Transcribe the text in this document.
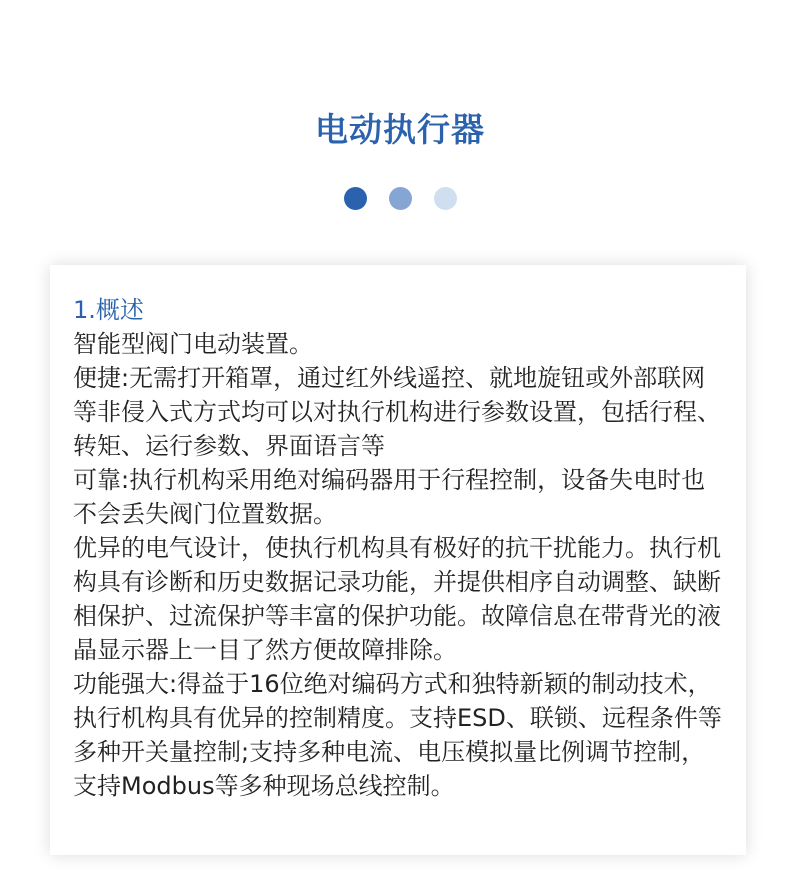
电动执行器

1.概述

智能型阀门电动装置。

便捷:无需打开箱罩，通过红外线遥控、就地旋钮或外部联网等非侵入式方式均可以对执行机构进行参数设置，包括行程、转矩、运行参数、界面语言等

可靠:执行机构采用绝对编码器用于行程控制，设备失电时也不会丢失阀门位置数据。

优异的电气设计，使执行机构具有极好的抗干扰能力。执行机构具有诊断和历史数据记录功能，并提供相序自动调整、缺断相保护、过流保护等丰富的保护功能。故障信息在带背光的液晶显示器上一目了然方便故障排除。

功能强大:得益于16位绝对编码方式和独特新颖的制动技术，执行机构具有优异的控制精度。支持ESD、联锁、远程条件等多种开关量控制;支持多种电流、电压模拟量比例调节控制，支持Modbus等多种现场总线控制。
